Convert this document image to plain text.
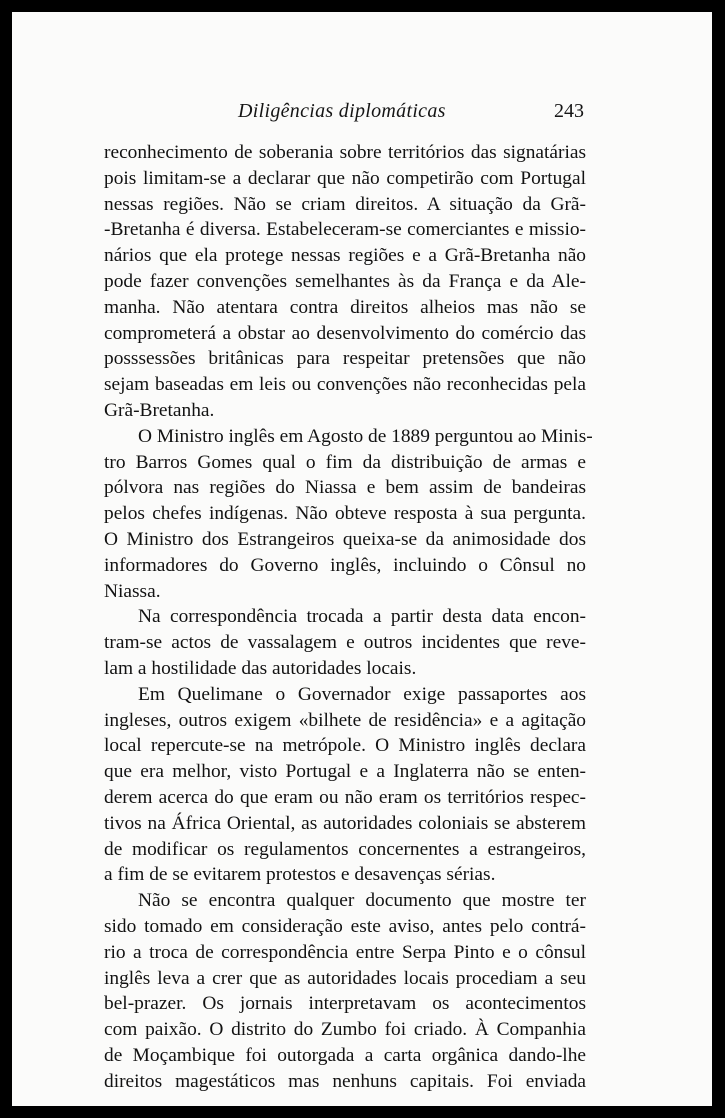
Diligências diplomáticas	243
reconhecimento de soberania sobre territórios das signatárias
pois limitam-se a declarar que não competirão com Portugal
nessas regiões. Não se criam direitos. A situação da Grã-
-Bretanha é diversa. Estabeleceram-se comerciantes e missio-
nários que ela protege nessas regiões e a Grã-Bretanha não
pode fazer convenções semelhantes às da França e da Ale-
manha. Não atentara contra direitos alheios mas não se
comprometerá a obstar ao desenvolvimento do comércio das
posssessões britânicas para respeitar pretensões que não
sejam baseadas em leis ou convenções não reconhecidas pela
Grã-Bretanha.
O Ministro inglês em Agosto de 1889 perguntou ao Minis-
tro Barros Gomes qual o fim da distribuição de armas e
pólvora nas regiões do Niassa e bem assim de bandeiras
pelos chefes indígenas. Não obteve resposta à sua pergunta.
O Ministro dos Estrangeiros queixa-se da animosidade dos
informadores do Governo inglês, incluindo o Cônsul no
Niassa.
Na correspondência trocada a partir desta data encon-
tram-se actos de vassalagem e outros incidentes que reve-
lam a hostilidade das autoridades locais.
Em Quelimane o Governador exige passaportes aos
ingleses, outros exigem «bilhete de residência» e a agitação
local repercute-se na metrópole. O Ministro inglês declara
que era melhor, visto Portugal e a Inglaterra não se enten-
derem acerca do que eram ou não eram os territórios respec-
tivos na África Oriental, as autoridades coloniais se absterem
de modificar os regulamentos concernentes a estrangeiros,
a fim de se evitarem protestos e desavenças sérias.
Não se encontra qualquer documento que mostre ter
sido tomado em consideração este aviso, antes pelo contrá-
rio a troca de correspondência entre Serpa Pinto e o cônsul
inglês leva a crer que as autoridades locais procediam a seu
bel-prazer. Os jornais interpretavam os acontecimentos
com paixão. O distrito do Zumbo foi criado. À Companhia
de Moçambique foi outorgada a carta orgânica dando-lhe
direitos magestáticos mas nenhuns capitais. Foi enviada
